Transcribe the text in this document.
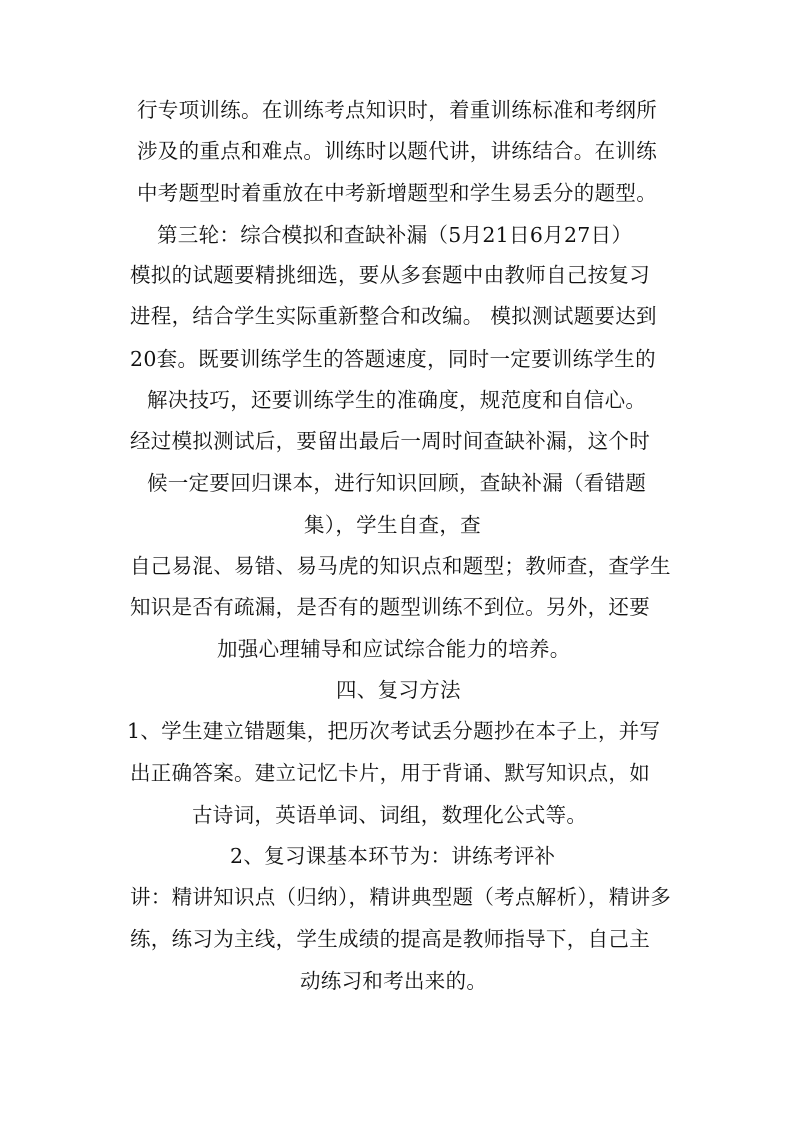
行专项训练。在训练考点知识时，着重训练标准和考纲所
涉及的重点和难点。训练时以题代讲，讲练结合。在训练
中考题型时着重放在中考新增题型和学生易丢分的题型。
第三轮：综合模拟和查缺补漏（5月21日6月27日）
模拟的试题要精挑细选，要从多套题中由教师自己按复习
进程，结合学生实际重新整合和改编。 模拟测试题要达到
20套。既要训练学生的答题速度，同时一定要训练学生的
解决技巧，还要训练学生的准确度，规范度和自信心。
经过模拟测试后，要留出最后一周时间查缺补漏，这个时
候一定要回归课本，进行知识回顾，查缺补漏（看错题
集），学生自查，查
自己易混、易错、易马虎的知识点和题型；教师查，查学生
知识是否有疏漏，是否有的题型训练不到位。另外，还要
加强心理辅导和应试综合能力的培养。
四、复习方法
1、学生建立错题集，把历次考试丢分题抄在本子上，并写
出正确答案。建立记忆卡片，用于背诵、默写知识点，如
古诗词，英语单词、词组，数理化公式等。
2、复习课基本环节为：讲练考评补
讲：精讲知识点（归纳），精讲典型题（考点解析），精讲多
练，练习为主线，学生成绩的提高是教师指导下，自己主
动练习和考出来的。
